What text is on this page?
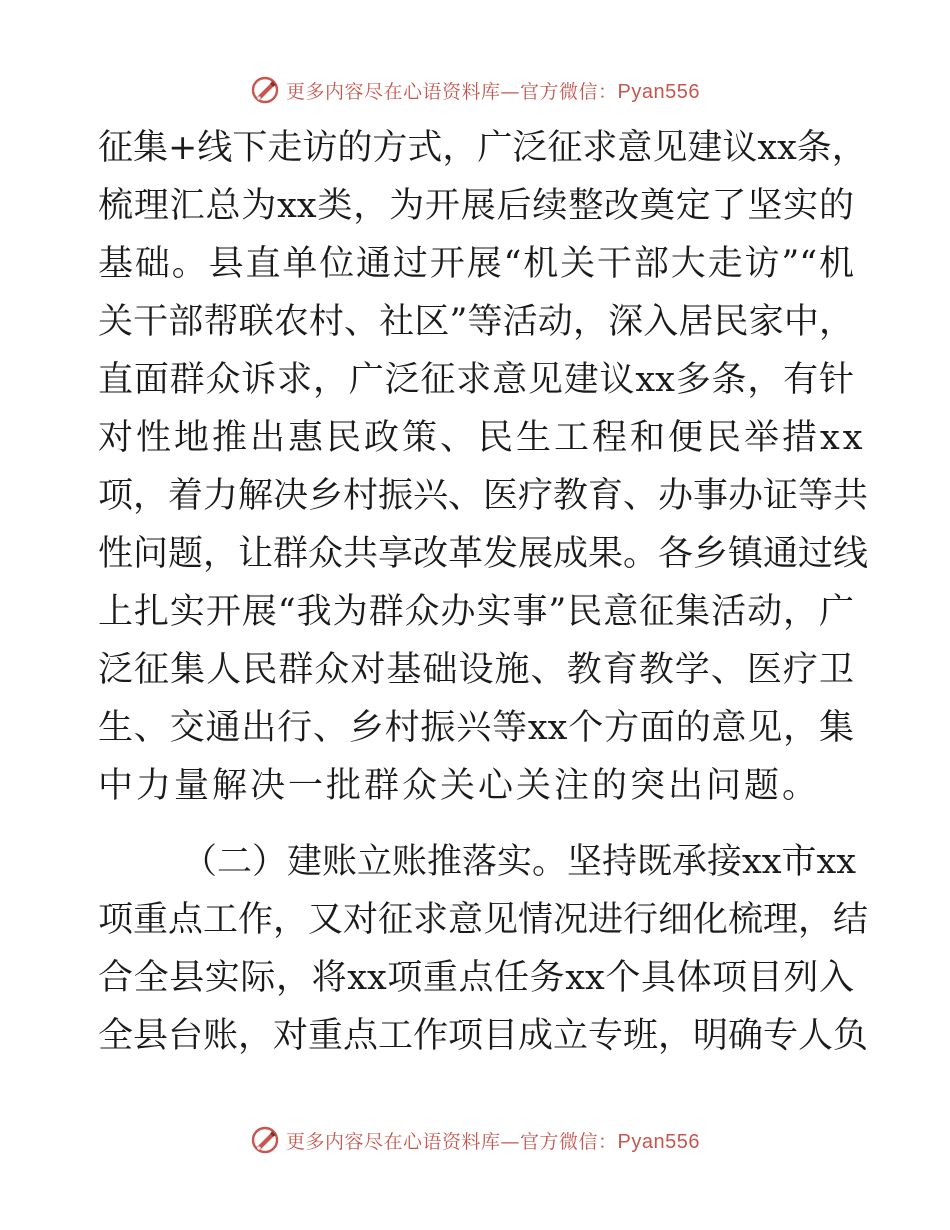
更多内容尽在心语资料库—官方微信：Pyan556
征集+线下走访的方式，广泛征求意见建议xx条，
梳理汇总为xx类，为开展后续整改奠定了坚实的
基础。县直单位通过开展“机关干部大走访”“机
关干部帮联农村、社区”等活动，深入居民家中，
直面群众诉求，广泛征求意见建议xx多条，有针
对性地推出惠民政策、民生工程和便民举措xx
项，着力解决乡村振兴、医疗教育、办事办证等共
性问题，让群众共享改革发展成果。各乡镇通过线
上扎实开展“我为群众办实事”民意征集活动，广
泛征集人民群众对基础设施、教育教学、医疗卫
生、交通出行、乡村振兴等xx个方面的意见，集
中力量解决一批群众关心关注的突出问题。
（二）建账立账推落实。坚持既承接xx市xx
项重点工作，又对征求意见情况进行细化梳理，结
合全县实际，将xx项重点任务xx个具体项目列入
全县台账，对重点工作项目成立专班，明确专人负
更多内容尽在心语资料库—官方微信：Pyan556
